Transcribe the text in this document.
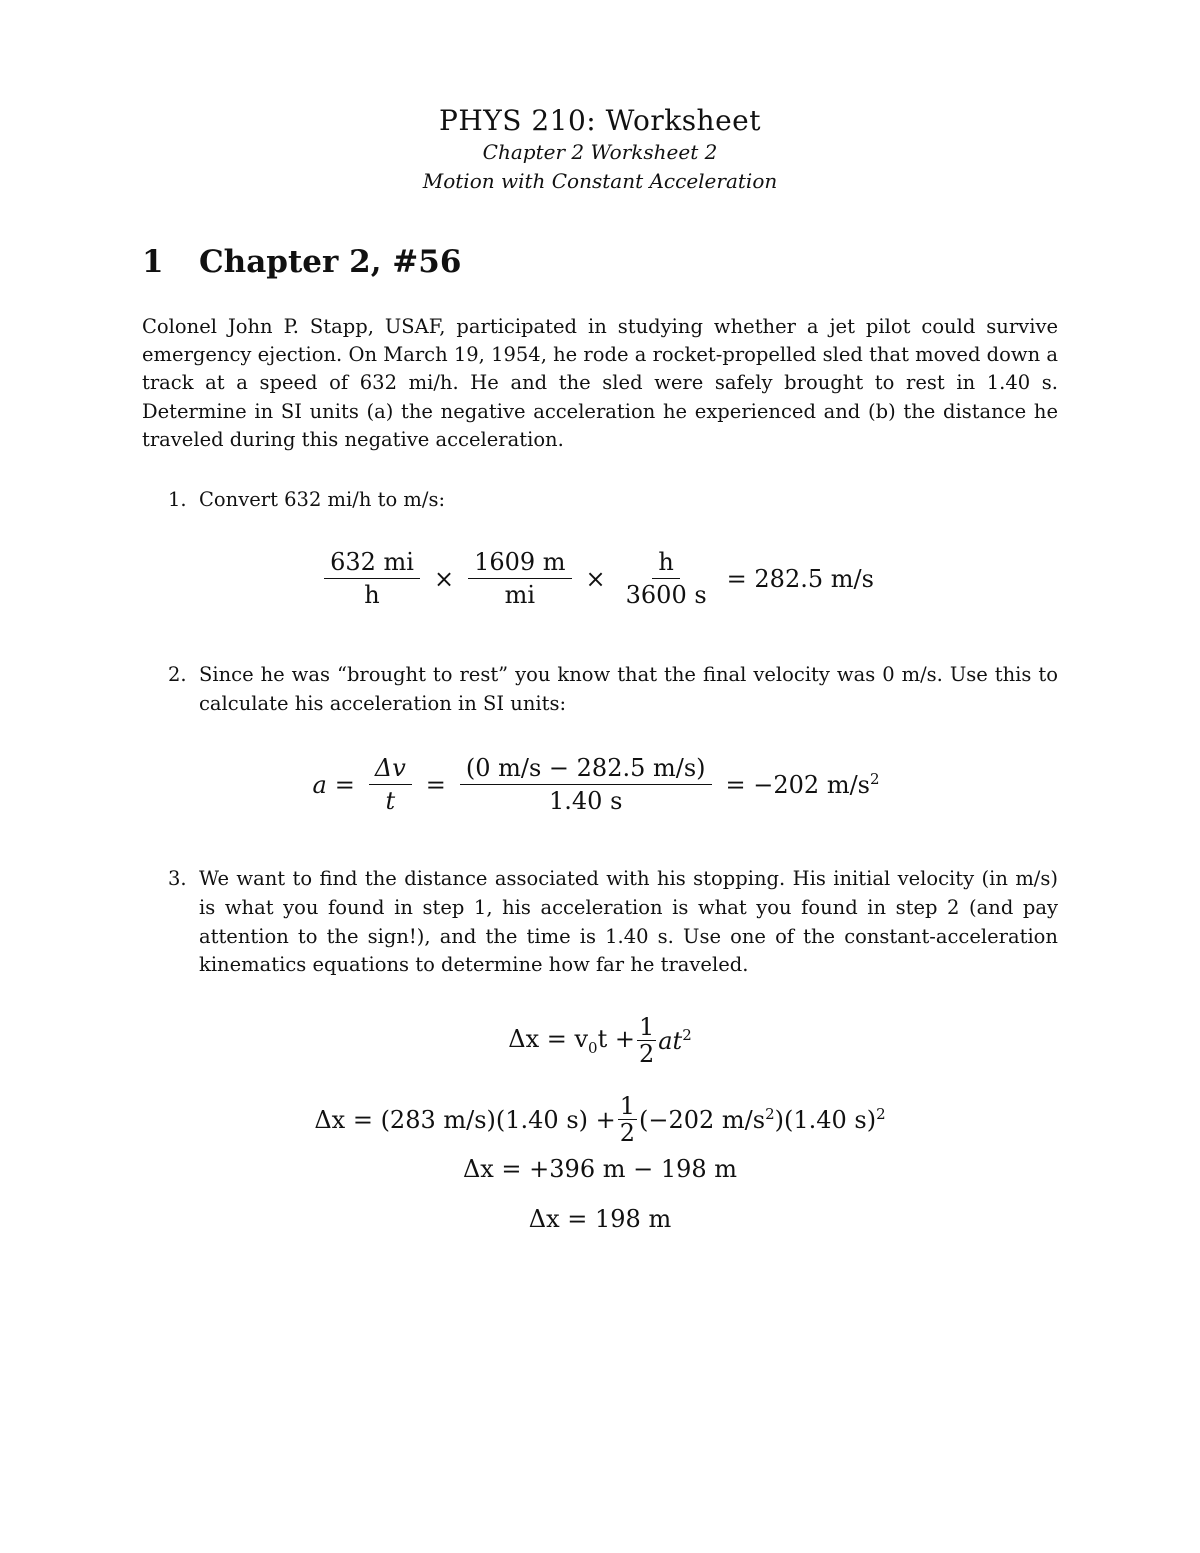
PHYS 210: Worksheet
Chapter 2 Worksheet 2
Motion with Constant Acceleration
1 Chapter 2, #56
Colonel John P. Stapp, USAF, participated in studying whether a jet pilot could survive emergency ejection. On March 19, 1954, he rode a rocket-propelled sled that moved down a track at a speed of 632 mi/h. He and the sled were safely brought to rest in 1.40 s. Determine in SI units (a) the negative acceleration he experienced and (b) the distance he traveled during this negative acceleration.
1. Convert 632 mi/h to m/s:
$\frac{632 mi}{h} \times \frac{1609 m}{mi} \times \frac{h}{3600 s} = 282.5$ m/s
2. Since he was “brought to rest” you know that the final velocity was 0 m/s. Use this to calculate his acceleration in SI units:
$a = \frac{\Delta v}{t} = \frac{(0 m/s - 282.5 m/s)}{1.40 s} = -202$ $m/s^2$
3. We want to find the distance associated with his stopping. His initial velocity (in m/s) is what you found in step 1, his acceleration is what you found in step 2 (and pay attention to the sign!), and the time is 1.40 s. Use one of the constant-acceleration kinematics equations to determine how far he traveled.
$\Delta x = v_0t + \frac{1}{2} at^2$
Δx = (283 m/s)(1.40 $s) + \frac{1}{2} (-202$ $m/s^2)(1.40$ s)$^2$
Δx = +396 m − 198 m
Δx = 198 m
